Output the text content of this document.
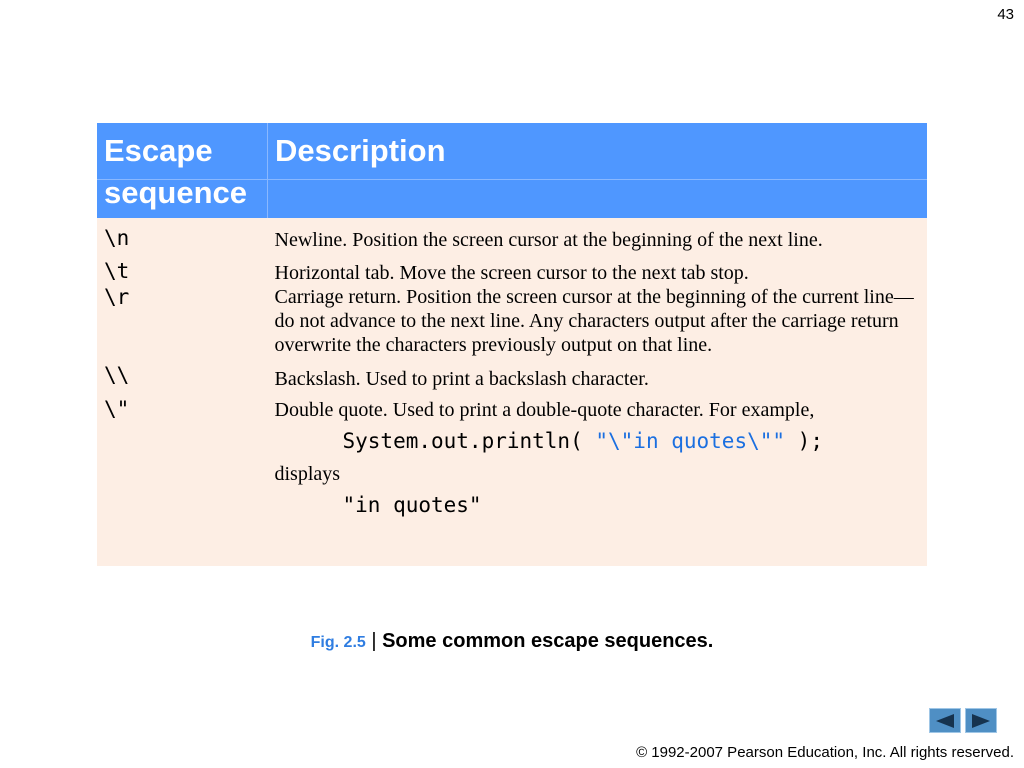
43
Escape
sequence	Description

\n	Newline. Position the screen cursor at the beginning of the next line.
\t	Horizontal tab. Move the screen cursor to the next tab stop.
\r	Carriage return. Position the screen cursor at the beginning of the current line—do not advance to the next line. Any characters output after the carriage return overwrite the characters previously output on that line.
\\	Backslash. Used to print a backslash character.
\"	Double quote. Used to print a double-quote character. For example,
System.out.println( "\"in quotes\"" );
displays
"in quotes"
Fig. 2.5 | Some common escape sequences.
© 1992-2007 Pearson Education, Inc. All rights reserved.
